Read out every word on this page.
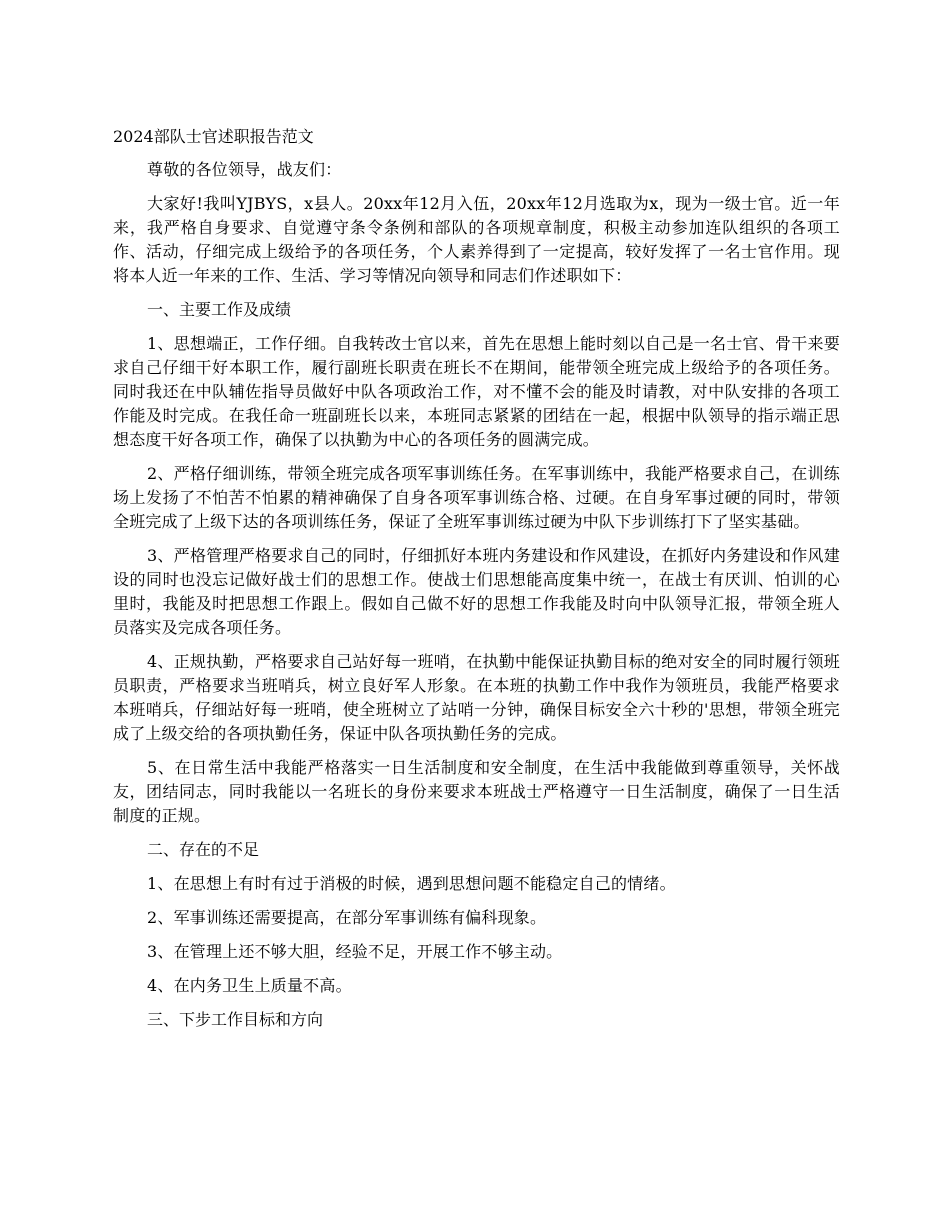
2024部队士官述职报告范文

尊敬的各位领导，战友们：

大家好!我叫YJBYS，x县人。20xx年12月入伍，20xx年12月选取为x，现为一级士官。近一年来，我严格自身要求、自觉遵守条令条例和部队的各项规章制度，积极主动参加连队组织的各项工作、活动，仔细完成上级给予的各项任务，个人素养得到了一定提高，较好发挥了一名士官作用。现将本人近一年来的工作、生活、学习等情况向领导和同志们作述职如下：

一、主要工作及成绩

1、思想端正，工作仔细。自我转改士官以来，首先在思想上能时刻以自己是一名士官、骨干来要求自己仔细干好本职工作，履行副班长职责在班长不在期间，能带领全班完成上级给予的各项任务。同时我还在中队辅佐指导员做好中队各项政治工作，对不懂不会的能及时请教，对中队安排的各项工作能及时完成。在我任命一班副班长以来，本班同志紧紧的团结在一起，根据中队领导的指示端正思想态度干好各项工作，确保了以执勤为中心的各项任务的圆满完成。

2、严格仔细训练，带领全班完成各项军事训练任务。在军事训练中，我能严格要求自己，在训练场上发扬了不怕苦不怕累的精神确保了自身各项军事训练合格、过硬。在自身军事过硬的同时，带领全班完成了上级下达的各项训练任务，保证了全班军事训练过硬为中队下步训练打下了坚实基础。

3、严格管理严格要求自己的同时，仔细抓好本班内务建设和作风建设，在抓好内务建设和作风建设的同时也没忘记做好战士们的思想工作。使战士们思想能高度集中统一，在战士有厌训、怕训的心里时，我能及时把思想工作跟上。假如自己做不好的思想工作我能及时向中队领导汇报，带领全班人员落实及完成各项任务。

4、正规执勤，严格要求自己站好每一班哨，在执勤中能保证执勤目标的绝对安全的同时履行领班员职责，严格要求当班哨兵，树立良好军人形象。在本班的执勤工作中我作为领班员，我能严格要求本班哨兵，仔细站好每一班哨，使全班树立了站哨一分钟，确保目标安全六十秒的'思想，带领全班完成了上级交给的各项执勤任务，保证中队各项执勤任务的完成。

5、在日常生活中我能严格落实一日生活制度和安全制度，在生活中我能做到尊重领导，关怀战友，团结同志，同时我能以一名班长的身份来要求本班战士严格遵守一日生活制度，确保了一日生活制度的正规。

二、存在的不足

1、在思想上有时有过于消极的时候，遇到思想问题不能稳定自己的情绪。

2、军事训练还需要提高，在部分军事训练有偏科现象。

3、在管理上还不够大胆，经验不足，开展工作不够主动。

4、在内务卫生上质量不高。

三、下步工作目标和方向
